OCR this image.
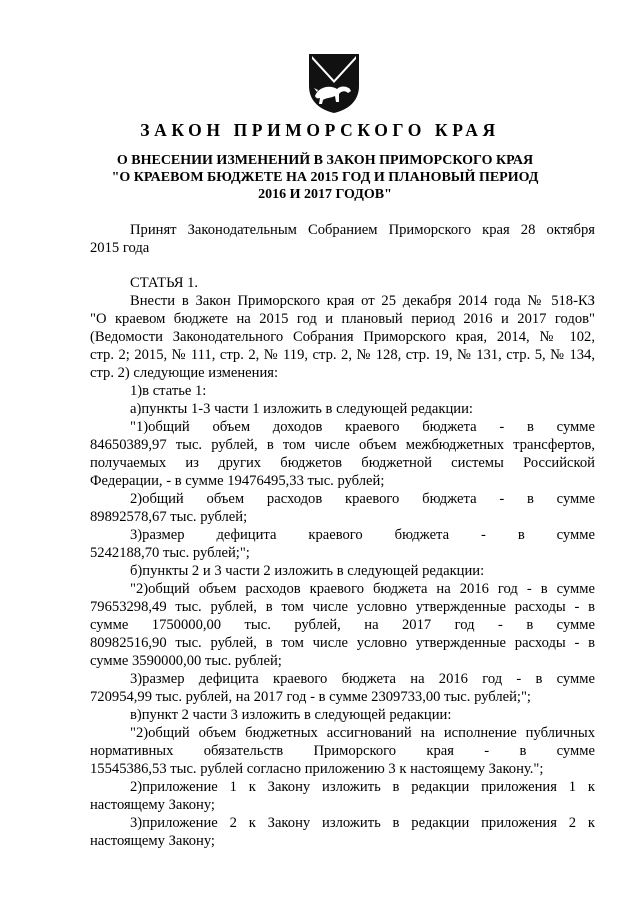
ЗАКОН ПРИМОРСКОГО КРАЯ
О ВНЕСЕНИИ ИЗМЕНЕНИЙ В ЗАКОН ПРИМОРСКОГО КРАЯ
"О КРАЕВОМ БЮДЖЕТЕ НА 2015 ГОД И ПЛАНОВЫЙ ПЕРИОД
2016 И 2017 ГОДОВ"
Принят Законодательным Собранием Приморского края 28 октября
2015 года
СТАТЬЯ 1.
Внести в Закон Приморского края от 25 декабря 2014 года № 518-КЗ
"О краевом бюджете на 2015 год и плановый период 2016 и 2017 годов"
(Ведомости Законодательного Собрания Приморского края, 2014, № 102,
стр. 2; 2015, № 111, стр. 2, № 119, стр. 2, № 128, стр. 19, № 131, стр. 5, № 134,
стр. 2) следующие изменения:
1)в статье 1:
а)пункты 1-3 части 1 изложить в следующей редакции:
"1)общий объем доходов краевого бюджета - в сумме
84650389,97 тыс. рублей, в том числе объем межбюджетных трансфертов,
получаемых из других бюджетов бюджетной системы Российской
Федерации, - в сумме 19476495,33 тыс. рублей;
2)общий объем расходов краевого бюджета - в сумме
89892578,67 тыс. рублей;
3)размер дефицита краевого бюджета - в сумме
5242188,70 тыс. рублей;";
б)пункты 2 и 3 части 2 изложить в следующей редакции:
"2)общий объем расходов краевого бюджета на 2016 год - в сумме
79653298,49 тыс. рублей, в том числе условно утвержденные расходы - в
сумме 1750000,00 тыс. рублей, на 2017 год - в сумме
80982516,90 тыс. рублей, в том числе условно утвержденные расходы - в
сумме 3590000,00 тыс. рублей;
3)размер дефицита краевого бюджета на 2016 год - в сумме
720954,99 тыс. рублей, на 2017 год - в сумме 2309733,00 тыс. рублей;";
в)пункт 2 части 3 изложить в следующей редакции:
"2)общий объем бюджетных ассигнований на исполнение публичных
нормативных обязательств Приморского края - в сумме
15545386,53 тыс. рублей согласно приложению 3 к настоящему Закону.";
2)приложение 1 к Закону изложить в редакции приложения 1 к
настоящему Закону;
3)приложение 2 к Закону изложить в редакции приложения 2 к
настоящему Закону;
